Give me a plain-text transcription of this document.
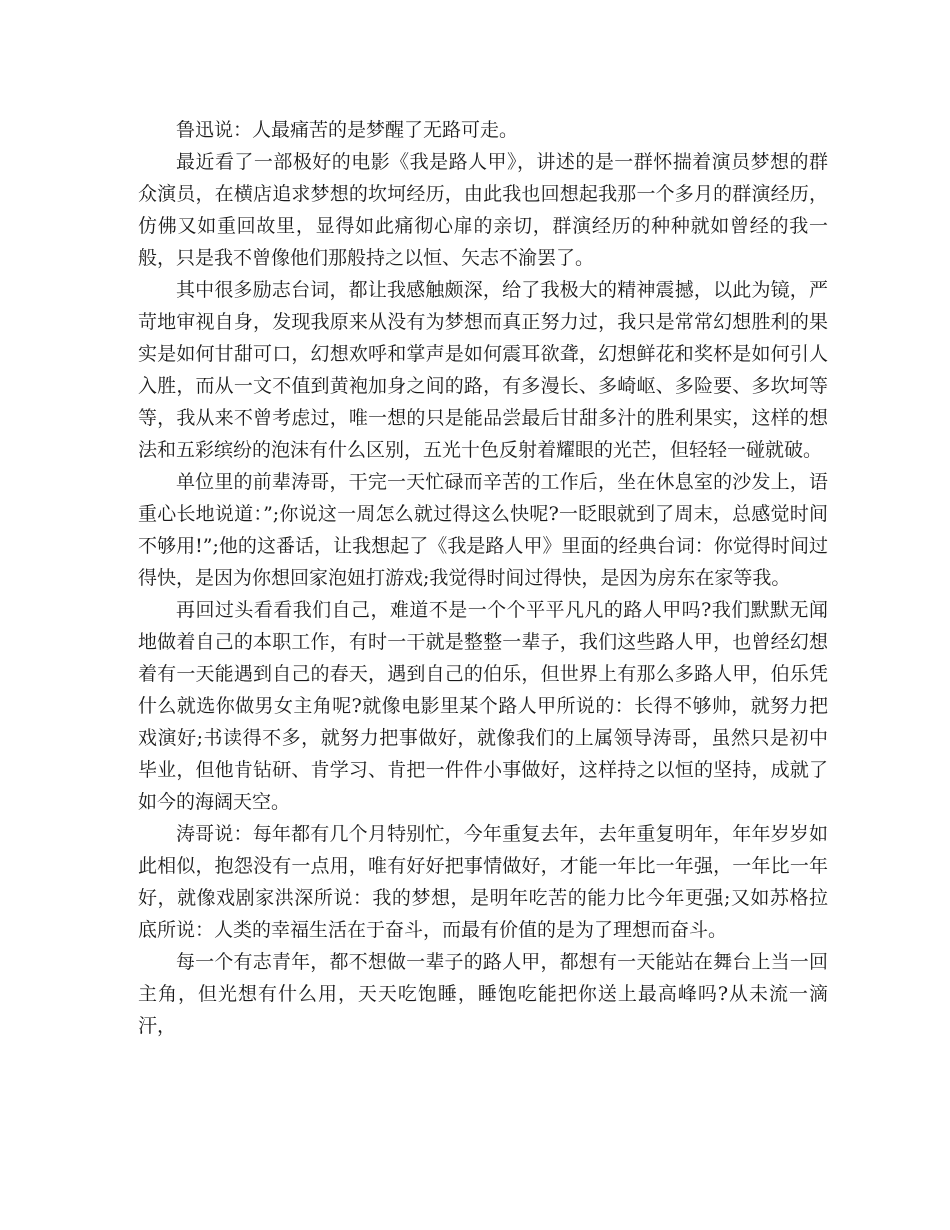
鲁迅说：人最痛苦的是梦醒了无路可走。

最近看了一部极好的电影《我是路人甲》，讲述的是一群怀揣着演员梦想的群众演员，在横店追求梦想的坎坷经历，由此我也回想起我那一个多月的群演经历，仿佛又如重回故里，显得如此痛彻心扉的亲切，群演经历的种种就如曾经的我一般，只是我不曾像他们那般持之以恒、矢志不渝罢了。

其中很多励志台词，都让我感触颇深，给了我极大的精神震撼，以此为镜，严苛地审视自身，发现我原来从没有为梦想而真正努力过，我只是常常幻想胜利的果实是如何甘甜可口，幻想欢呼和掌声是如何震耳欲聋，幻想鲜花和奖杯是如何引人入胜，而从一文不值到黄袍加身之间的路，有多漫长、多崎岖、多险要、多坎坷等等，我从来不曾考虑过，唯一想的只是能品尝最后甘甜多汁的胜利果实，这样的想法和五彩缤纷的泡沫有什么区别，五光十色反射着耀眼的光芒，但轻轻一碰就破。

单位里的前辈涛哥，干完一天忙碌而辛苦的工作后，坐在休息室的沙发上，语重心长地说道：”;你说这一周怎么就过得这么快呢?一眨眼就到了周末，总感觉时间不够用!”;他的这番话，让我想起了《我是路人甲》里面的经典台词：你觉得时间过得快，是因为你想回家泡妞打游戏;我觉得时间过得快，是因为房东在家等我。

再回过头看看我们自己，难道不是一个个平平凡凡的路人甲吗?我们默默无闻地做着自己的本职工作，有时一干就是整整一辈子，我们这些路人甲，也曾经幻想着有一天能遇到自己的春天，遇到自己的伯乐，但世界上有那么多路人甲，伯乐凭什么就选你做男女主角呢?就像电影里某个路人甲所说的：长得不够帅，就努力把戏演好;书读得不多，就努力把事做好，就像我们的上属领导涛哥，虽然只是初中毕业，但他肯钻研、肯学习、肯把一件件小事做好，这样持之以恒的坚持，成就了如今的海阔天空。

涛哥说：每年都有几个月特别忙，今年重复去年，去年重复明年，年年岁岁如此相似，抱怨没有一点用，唯有好好把事情做好，才能一年比一年强，一年比一年好，就像戏剧家洪深所说：我的梦想，是明年吃苦的能力比今年更强;又如苏格拉底所说：人类的幸福生活在于奋斗，而最有价值的是为了理想而奋斗。

每一个有志青年，都不想做一辈子的路人甲，都想有一天能站在舞台上当一回主角，但光想有什么用，天天吃饱睡，睡饱吃能把你送上最高峰吗?从未流一滴汗，
